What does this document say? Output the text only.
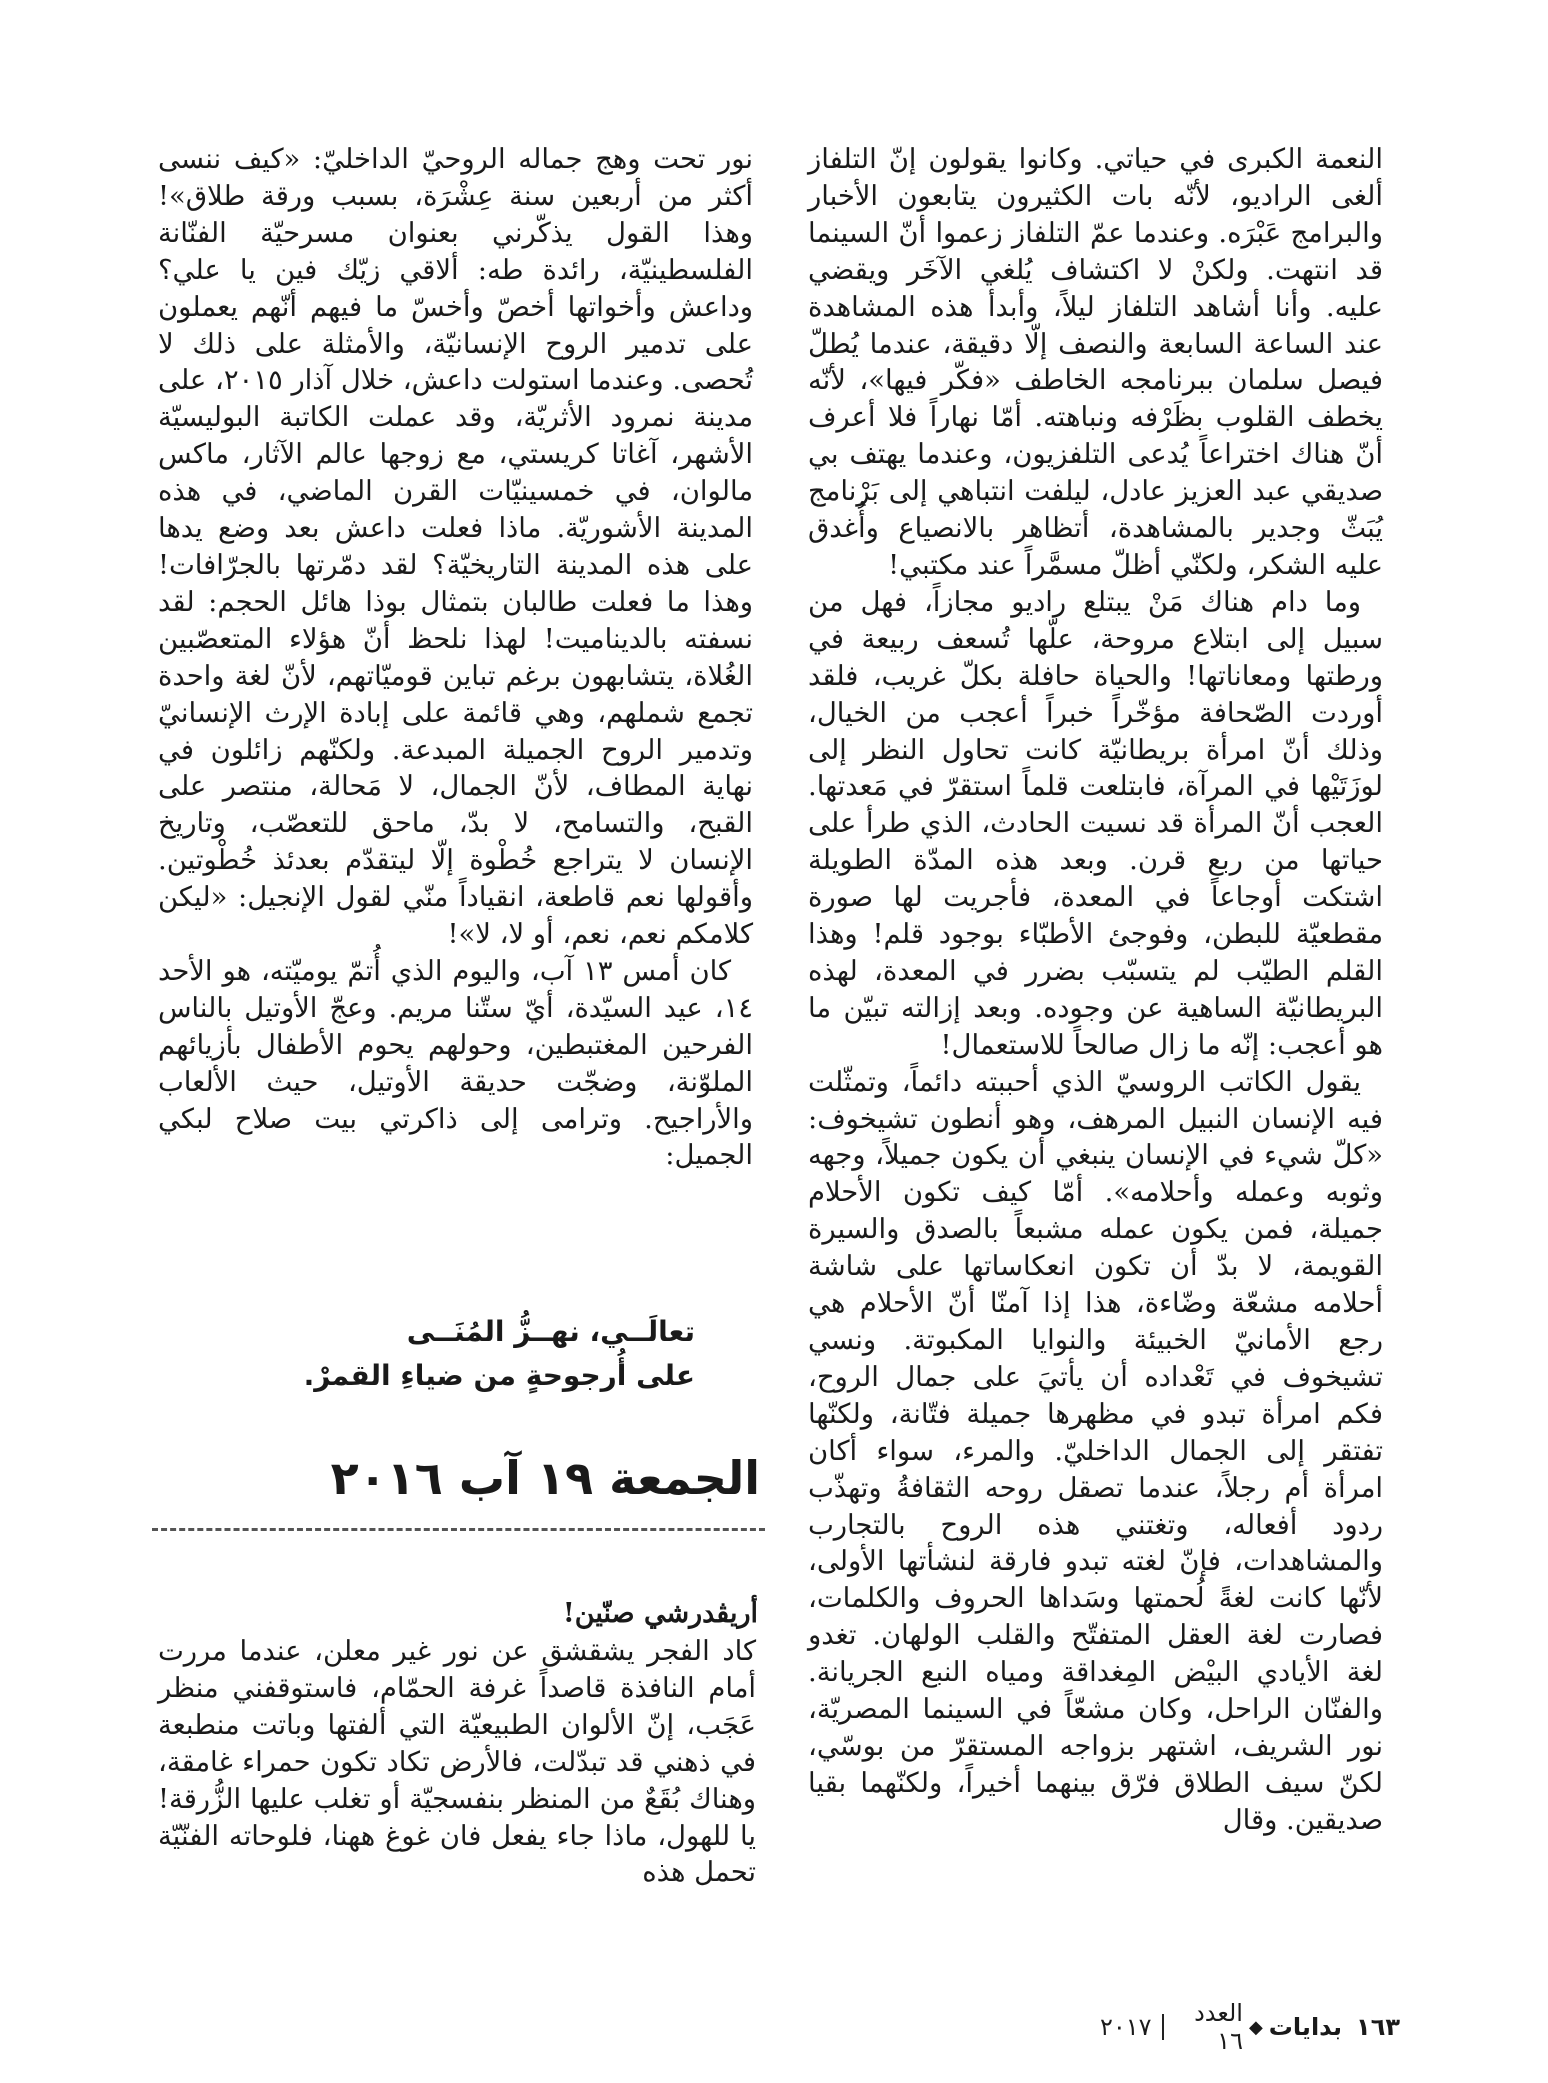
النعمة الكبرى في حياتي. وكانوا يقولون إنّ التلفاز ألغى الراديو، لأنّه بات الكثيرون يتابعون الأخبار والبرامج عَبْرَه. وعندما عمّ التلفاز زعموا أنّ السينما قد انتهت. ولكنْ لا اكتشاف يُلغي الآخَر ويقضي عليه. وأنا أشاهد التلفاز ليلاً، وأبدأ هذه المشاهدة عند الساعة السابعة والنصف إلّا دقيقة، عندما يُطلّ فيصل سلمان ببرنامجه الخاطف «فكّر فيها»، لأنّه يخطف القلوب بظَرْفه ونباهته. أمّا نهاراً فلا أعرف أنّ هناك اختراعاً يُدعى التلفزيون، وعندما يهتف بي صديقي عبد العزيز عادل، ليلفت انتباهي إلى بَرْنامج يُبَثّ وجدير بالمشاهدة، أتظاهر بالانصياع وأُغدق عليه الشكر، ولكنّي أظلّ مسمَّراً عند مكتبي!

وما دام هناك مَنْ يبتلع راديو مجازاً، فهل من سبيل إلى ابتلاع مروحة، علّها تُسعف ربيعة في ورطتها ومعاناتها! والحياة حافلة بكلّ غريب، فلقد أوردت الصّحافة مؤخّراً خبراً أعجب من الخيال، وذلك أنّ امرأة بريطانيّة كانت تحاول النظر إلى لوزَتَيْها في المرآة، فابتلعت قلماً استقرّ في مَعدتها. العجب أنّ المرأة قد نسيت الحادث، الذي طرأ على حياتها من ربع قرن. وبعد هذه المدّة الطويلة اشتكت أوجاعاً في المعدة، فأجريت لها صورة مقطعيّة للبطن، وفوجئ الأطبّاء بوجود قلم! وهذا القلم الطيّب لم يتسبّب بضرر في المعدة، لهذه البريطانيّة الساهية عن وجوده. وبعد إزالته تبيّن ما هو أعجب: إنّه ما زال صالحاً للاستعمال!

يقول الكاتب الروسيّ الذي أحببته دائماً، وتمثّلت فيه الإنسان النبيل المرهف، وهو أنطون تشيخوف: «كلّ شيء في الإنسان ينبغي أن يكون جميلاً، وجهه وثوبه وعمله وأحلامه». أمّا كيف تكون الأحلام جميلة، فمن يكون عمله مشبعاً بالصدق والسيرة القويمة، لا بدّ أن تكون انعكاساتها على شاشة أحلامه مشعّة وضّاءة، هذا إذا آمنّا أنّ الأحلام هي رجع الأمانيّ الخبيئة والنوايا المكبوتة. ونسي تشيخوف في تَعْداده أن يأتيَ على جمال الروح، فكم امرأة تبدو في مظهرها جميلة فتّانة، ولكنّها تفتقر إلى الجمال الداخليّ. والمرء، سواء أكان امرأة أم رجلاً، عندما تصقل روحه الثقافةُ وتهذّب ردود أفعاله، وتغتني هذه الروح بالتجارب والمشاهدات، فإنّ لغته تبدو فارقة لنشأتها الأولى، لأنّها كانت لغةً لُحمتها وسَداها الحروف والكلمات، فصارت لغة العقل المتفتّح والقلب الولهان. تغدو لغة الأيادي البيْض المِغداقة ومياه النبع الجريانة. والفنّان الراحل، وكان مشعّاً في السينما المصريّة، نور الشريف، اشتهر بزواجه المستقرّ من بوسّي، لكنّ سيف الطلاق فرّق بينهما أخيراً، ولكنّهما بقيا صديقين. وقال

نور تحت وهج جماله الروحيّ الداخليّ: «كيف ننسى أكثر من أربعين سنة عِشْرَة، بسبب ورقة طلاق»! وهذا القول يذكّرني بعنوان مسرحيّة الفنّانة الفلسطينيّة، رائدة طه: ألاقي زيّك فين يا علي؟ وداعش وأخواتها أخصّ وأخسّ ما فيهم أنّهم يعملون على تدمير الروح الإنسانيّة، والأمثلة على ذلك لا تُحصى. وعندما استولت داعش، خلال آذار ٢٠١٥، على مدينة نمرود الأثريّة، وقد عملت الكاتبة البوليسيّة الأشهر، آغاتا كريستي، مع زوجها عالم الآثار، ماكس مالوان، في خمسينيّات القرن الماضي، في هذه المدينة الأشوريّة. ماذا فعلت داعش بعد وضع يدها على هذه المدينة التاريخيّة؟ لقد دمّرتها بالجرّافات! وهذا ما فعلت طالبان بتمثال بوذا هائل الحجم: لقد نسفته بالديناميت! لهذا نلحظ أنّ هؤلاء المتعصّبين الغُلاة، يتشابهون برغم تباين قوميّاتهم، لأنّ لغة واحدة تجمع شملهم، وهي قائمة على إبادة الإرث الإنسانيّ وتدمير الروح الجميلة المبدعة. ولكنّهم زائلون في نهاية المطاف، لأنّ الجمال، لا مَحالة، منتصر على القبح، والتسامح، لا بدّ، ماحق للتعصّب، وتاريخ الإنسان لا يتراجع خُطْوة إلّا ليتقدّم بعدئذ خُطْوتين. وأقولها نعم قاطعة، انقياداً منّي لقول الإنجيل: «ليكن كلامكم نعم، نعم، أو لا، لا»!

كان أمس ١٣ آب، واليوم الذي أُتمّ يوميّته، هو الأحد ١٤، عيد السيّدة، أيّ ستّنا مريم. وعجّ الأوتيل بالناس الفرحين المغتبطين، وحولهم يحوم الأطفال بأزيائهم الملوّنة، وضجّت حديقة الأوتيل، حيث الألعاب والأراجيح. وترامى إلى ذاكرتي بيت صلاح لبكي الجميل:

تعالَــي، نهــزُّ المُنَــى
على أُرجوحةٍ من ضياءِ القمرْ.
الجمعة ١٩ آب ٢٠١٦
أريڤدرشي صنّين!

كاد الفجر يشقشق عن نور غير معلن، عندما مررت أمام النافذة قاصداً غرفة الحمّام، فاستوقفني منظر عَجَب، إنّ الألوان الطبيعيّة التي ألفتها وباتت منطبعة في ذهني قد تبدّلت، فالأرض تكاد تكون حمراء غامقة، وهناك بُقَعٌ من المنظر بنفسجيّة أو تغلب عليها الزُّرقة! يا للهول، ماذا جاء يفعل فان غوغ ههنا، فلوحاته الفنّيّة تحمل هذه

١٦٣
بدايات
◆
العدد ١٦
٢٠١٧
